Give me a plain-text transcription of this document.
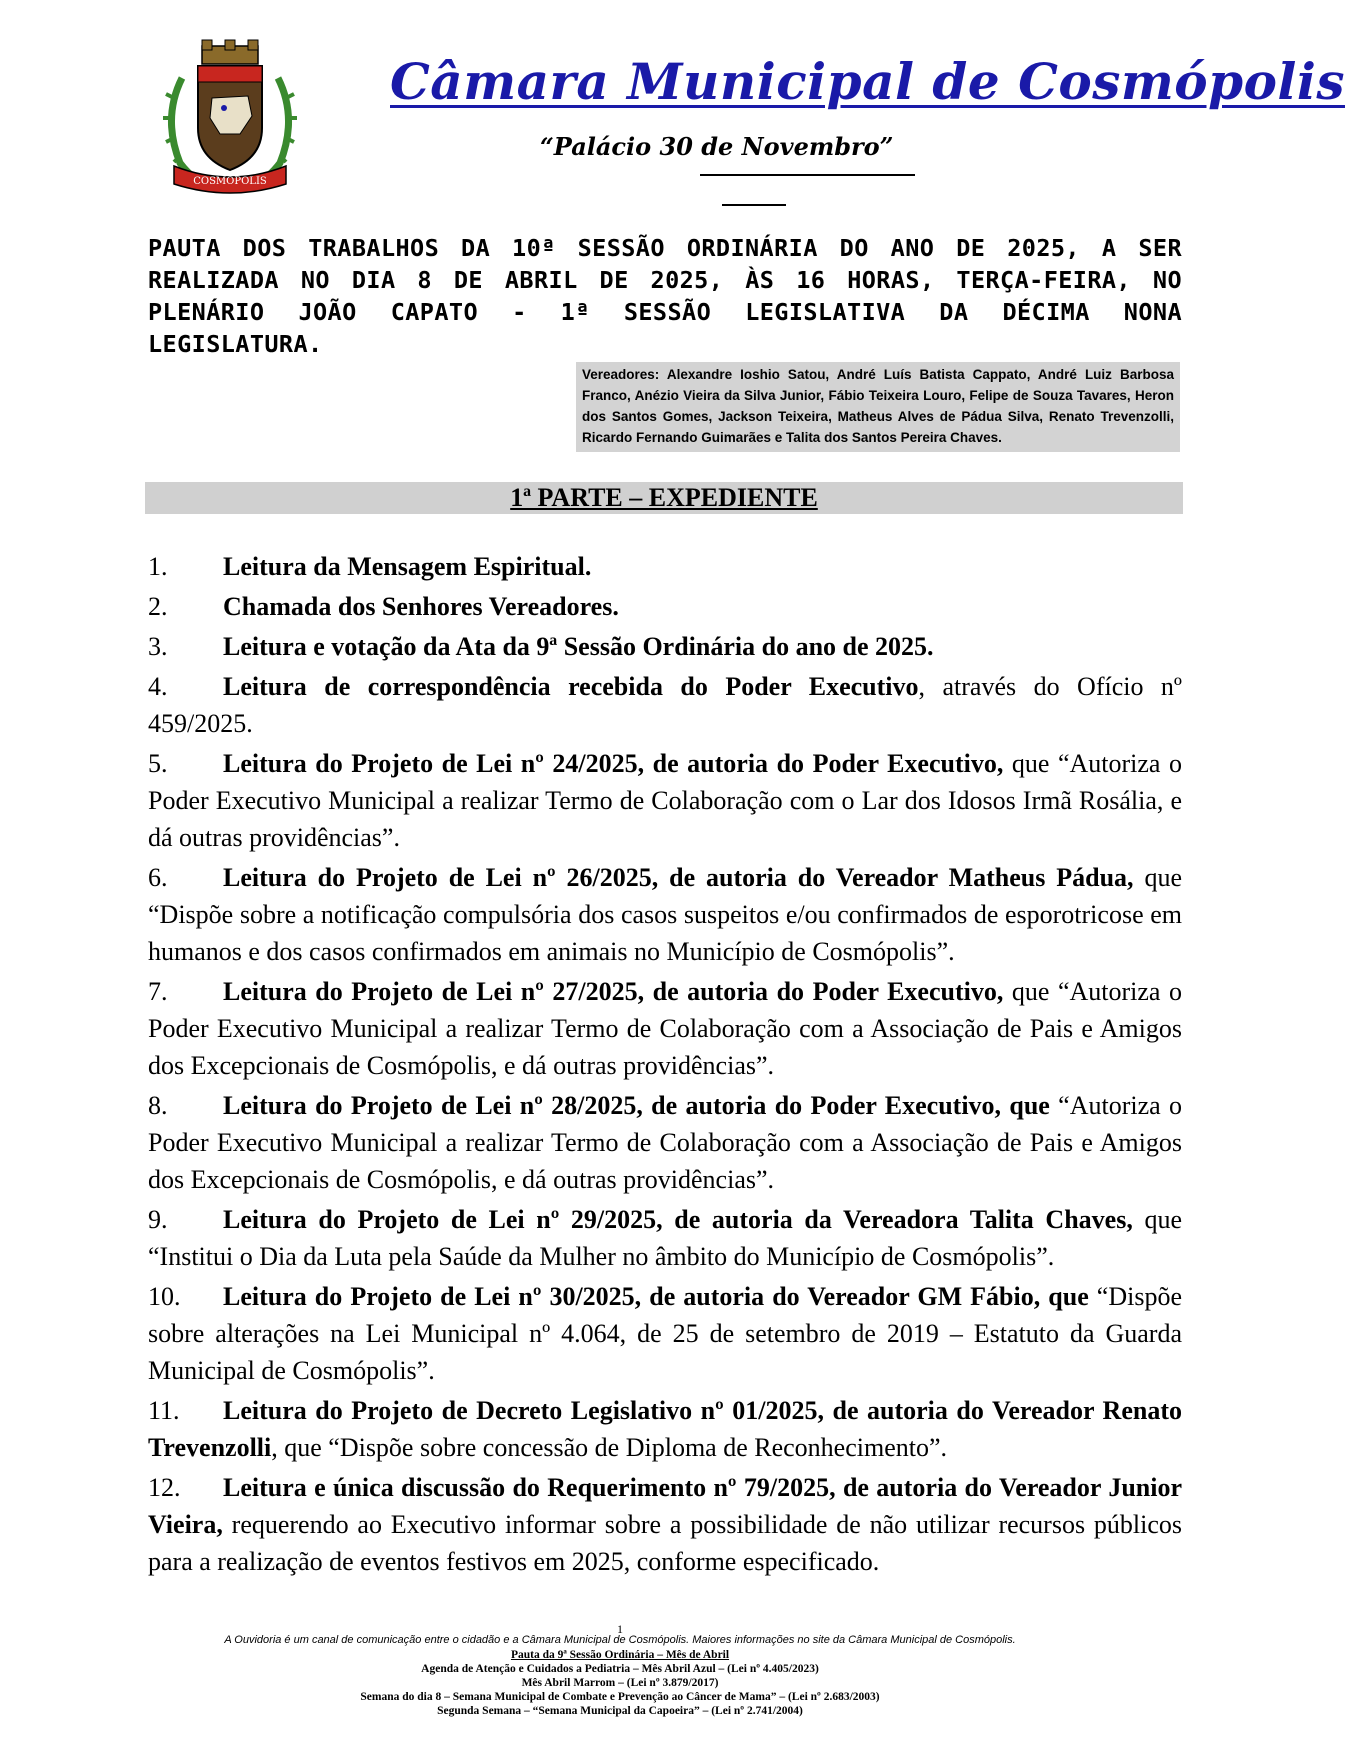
COSMÓPOLIS
Câmara Municipal de Cosmópolis
“Palácio 30 de Novembro”
PAUTA DOS TRABALHOS DA 10ª SESSÃO ORDINÁRIA DO ANO DE 2025, A SER REALIZADA NO DIA 8 DE ABRIL DE 2025, ÀS 16 HORAS, TERÇA-FEIRA, NO PLENÁRIO JOÃO CAPATO - 1ª SESSÃO LEGISLATIVA DA DÉCIMA NONA LEGISLATURA.
Vereadores: Alexandre Ioshio Satou, André Luís Batista Cappato, André Luiz Barbosa Franco, Anézio Vieira da Silva Junior, Fábio Teixeira Louro, Felipe de Souza Tavares, Heron dos Santos Gomes, Jackson Teixeira, Matheus Alves de Pádua Silva, Renato Trevenzolli, Ricardo Fernando Guimarães e Talita dos Santos Pereira Chaves.
1ª PARTE – EXPEDIENTE
1. Leitura da Mensagem Espiritual.
2. Chamada dos Senhores Vereadores.
3. Leitura e votação da Ata da 9ª Sessão Ordinária do ano de 2025.
4. Leitura de correspondência recebida do Poder Executivo, através do Ofício nº 459/2025.
5. Leitura do Projeto de Lei nº 24/2025, de autoria do Poder Executivo, que “Autoriza o Poder Executivo Municipal a realizar Termo de Colaboração com o Lar dos Idosos Irmã Rosália, e dá outras providências”.
6. Leitura do Projeto de Lei nº 26/2025, de autoria do Vereador Matheus Pádua, que “Dispõe sobre a notificação compulsória dos casos suspeitos e/ou confirmados de esporotricose em humanos e dos casos confirmados em animais no Município de Cosmópolis”.
7. Leitura do Projeto de Lei nº 27/2025, de autoria do Poder Executivo, que “Autoriza o Poder Executivo Municipal a realizar Termo de Colaboração com a Associação de Pais e Amigos dos Excepcionais de Cosmópolis, e dá outras providências”.
8. Leitura do Projeto de Lei nº 28/2025, de autoria do Poder Executivo, que “Autoriza o Poder Executivo Municipal a realizar Termo de Colaboração com a Associação de Pais e Amigos dos Excepcionais de Cosmópolis, e dá outras providências”.
9. Leitura do Projeto de Lei nº 29/2025, de autoria da Vereadora Talita Chaves, que “Institui o Dia da Luta pela Saúde da Mulher no âmbito do Município de Cosmópolis”.
10. Leitura do Projeto de Lei nº 30/2025, de autoria do Vereador GM Fábio, que “Dispõe sobre alterações na Lei Municipal nº 4.064, de 25 de setembro de 2019 – Estatuto da Guarda Municipal de Cosmópolis”.
11. Leitura do Projeto de Decreto Legislativo nº 01/2025, de autoria do Vereador Renato Trevenzolli, que “Dispõe sobre concessão de Diploma de Reconhecimento”.
12. Leitura e única discussão do Requerimento nº 79/2025, de autoria do Vereador Junior Vieira, requerendo ao Executivo informar sobre a possibilidade de não utilizar recursos públicos para a realização de eventos festivos em 2025, conforme especificado.
1
A Ouvidoria é um canal de comunicação entre o cidadão e a Câmara Municipal de Cosmópolis. Maiores informações no site da Câmara Municipal de Cosmópolis.
Pauta da 9ª Sessão Ordinária – Mês de Abril
Agenda de Atenção e Cuidados a Pediatria – Mês Abril Azul – (Lei nº 4.405/2023)
Mês Abril Marrom – (Lei nº 3.879/2017)
Semana do dia 8 – Semana Municipal de Combate e Prevenção ao Câncer de Mama” – (Lei nº 2.683/2003)
Segunda Semana – “Semana Municipal da Capoeira” – (Lei nº 2.741/2004)
